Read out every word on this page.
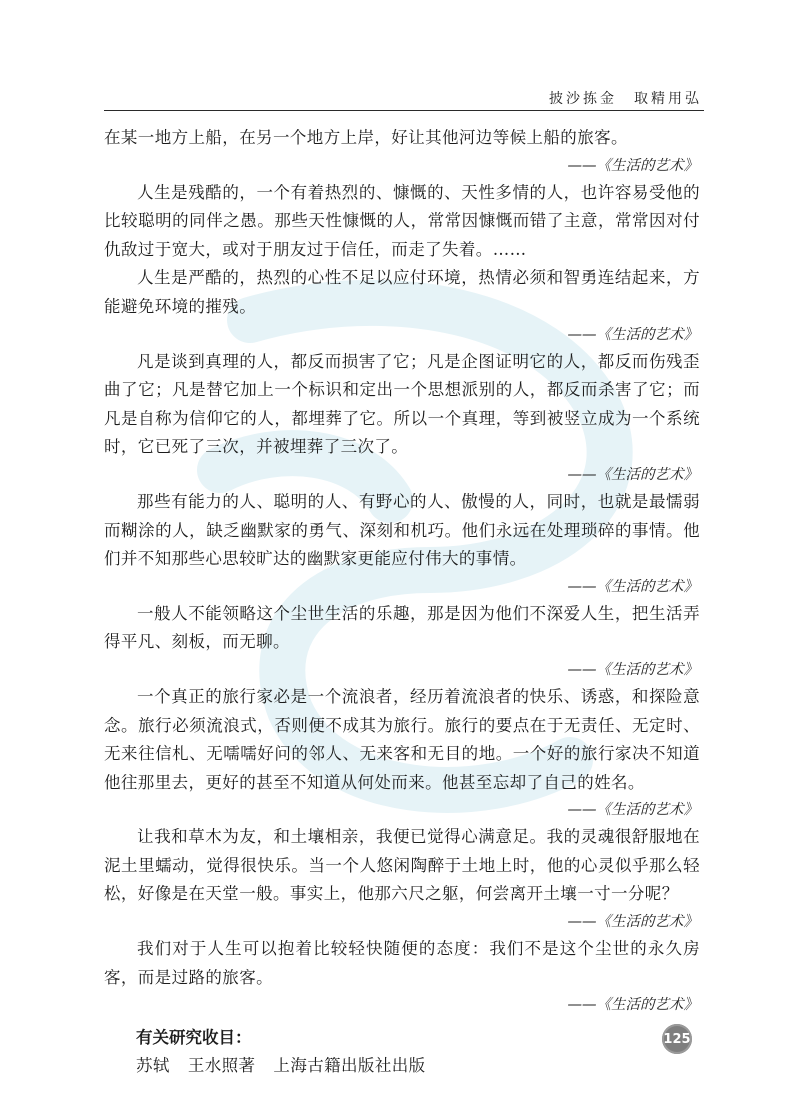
披沙拣金　取精用弘

在某一地方上船，在另一个地方上岸，好让其他河边等候上船的旅客。

——《生活的艺术》

人生是残酷的，一个有着热烈的、慷慨的、天性多情的人，也许容易受他的比较聪明的同伴之愚。那些天性慷慨的人，常常因慷慨而错了主意，常常因对付仇敌过于宽大，或对于朋友过于信任，而走了失着。……

人生是严酷的，热烈的心性不足以应付环境，热情必须和智勇连结起来，方能避免环境的摧残。

——《生活的艺术》

凡是谈到真理的人，都反而损害了它；凡是企图证明它的人，都反而伤残歪曲了它；凡是替它加上一个标识和定出一个思想派别的人，都反而杀害了它；而凡是自称为信仰它的人，都埋葬了它。所以一个真理，等到被竖立成为一个系统时，它已死了三次，并被埋葬了三次了。

——《生活的艺术》

那些有能力的人、聪明的人、有野心的人、傲慢的人，同时，也就是最懦弱而糊涂的人，缺乏幽默家的勇气、深刻和机巧。他们永远在处理琐碎的事情。他们并不知那些心思较旷达的幽默家更能应付伟大的事情。

——《生活的艺术》

一般人不能领略这个尘世生活的乐趣，那是因为他们不深爱人生，把生活弄得平凡、刻板，而无聊。

——《生活的艺术》

一个真正的旅行家必是一个流浪者，经历着流浪者的快乐、诱惑，和探险意念。旅行必须流浪式，否则便不成其为旅行。旅行的要点在于无责任、无定时、无来往信札、无嚅嚅好问的邻人、无来客和无目的地。一个好的旅行家决不知道他往那里去，更好的甚至不知道从何处而来。他甚至忘却了自己的姓名。

——《生活的艺术》

让我和草木为友，和土壤相亲，我便已觉得心满意足。我的灵魂很舒服地在泥土里蠕动，觉得很快乐。当一个人悠闲陶醉于土地上时，他的心灵似乎那么轻松，好像是在天堂一般。事实上，他那六尺之躯，何尝离开土壤一寸一分呢？

——《生活的艺术》

我们对于人生可以抱着比较轻快随便的态度：我们不是这个尘世的永久房客，而是过路的旅客。

——《生活的艺术》

有关研究收目：

苏轼 王水照著 上海古籍出版社出版

125
